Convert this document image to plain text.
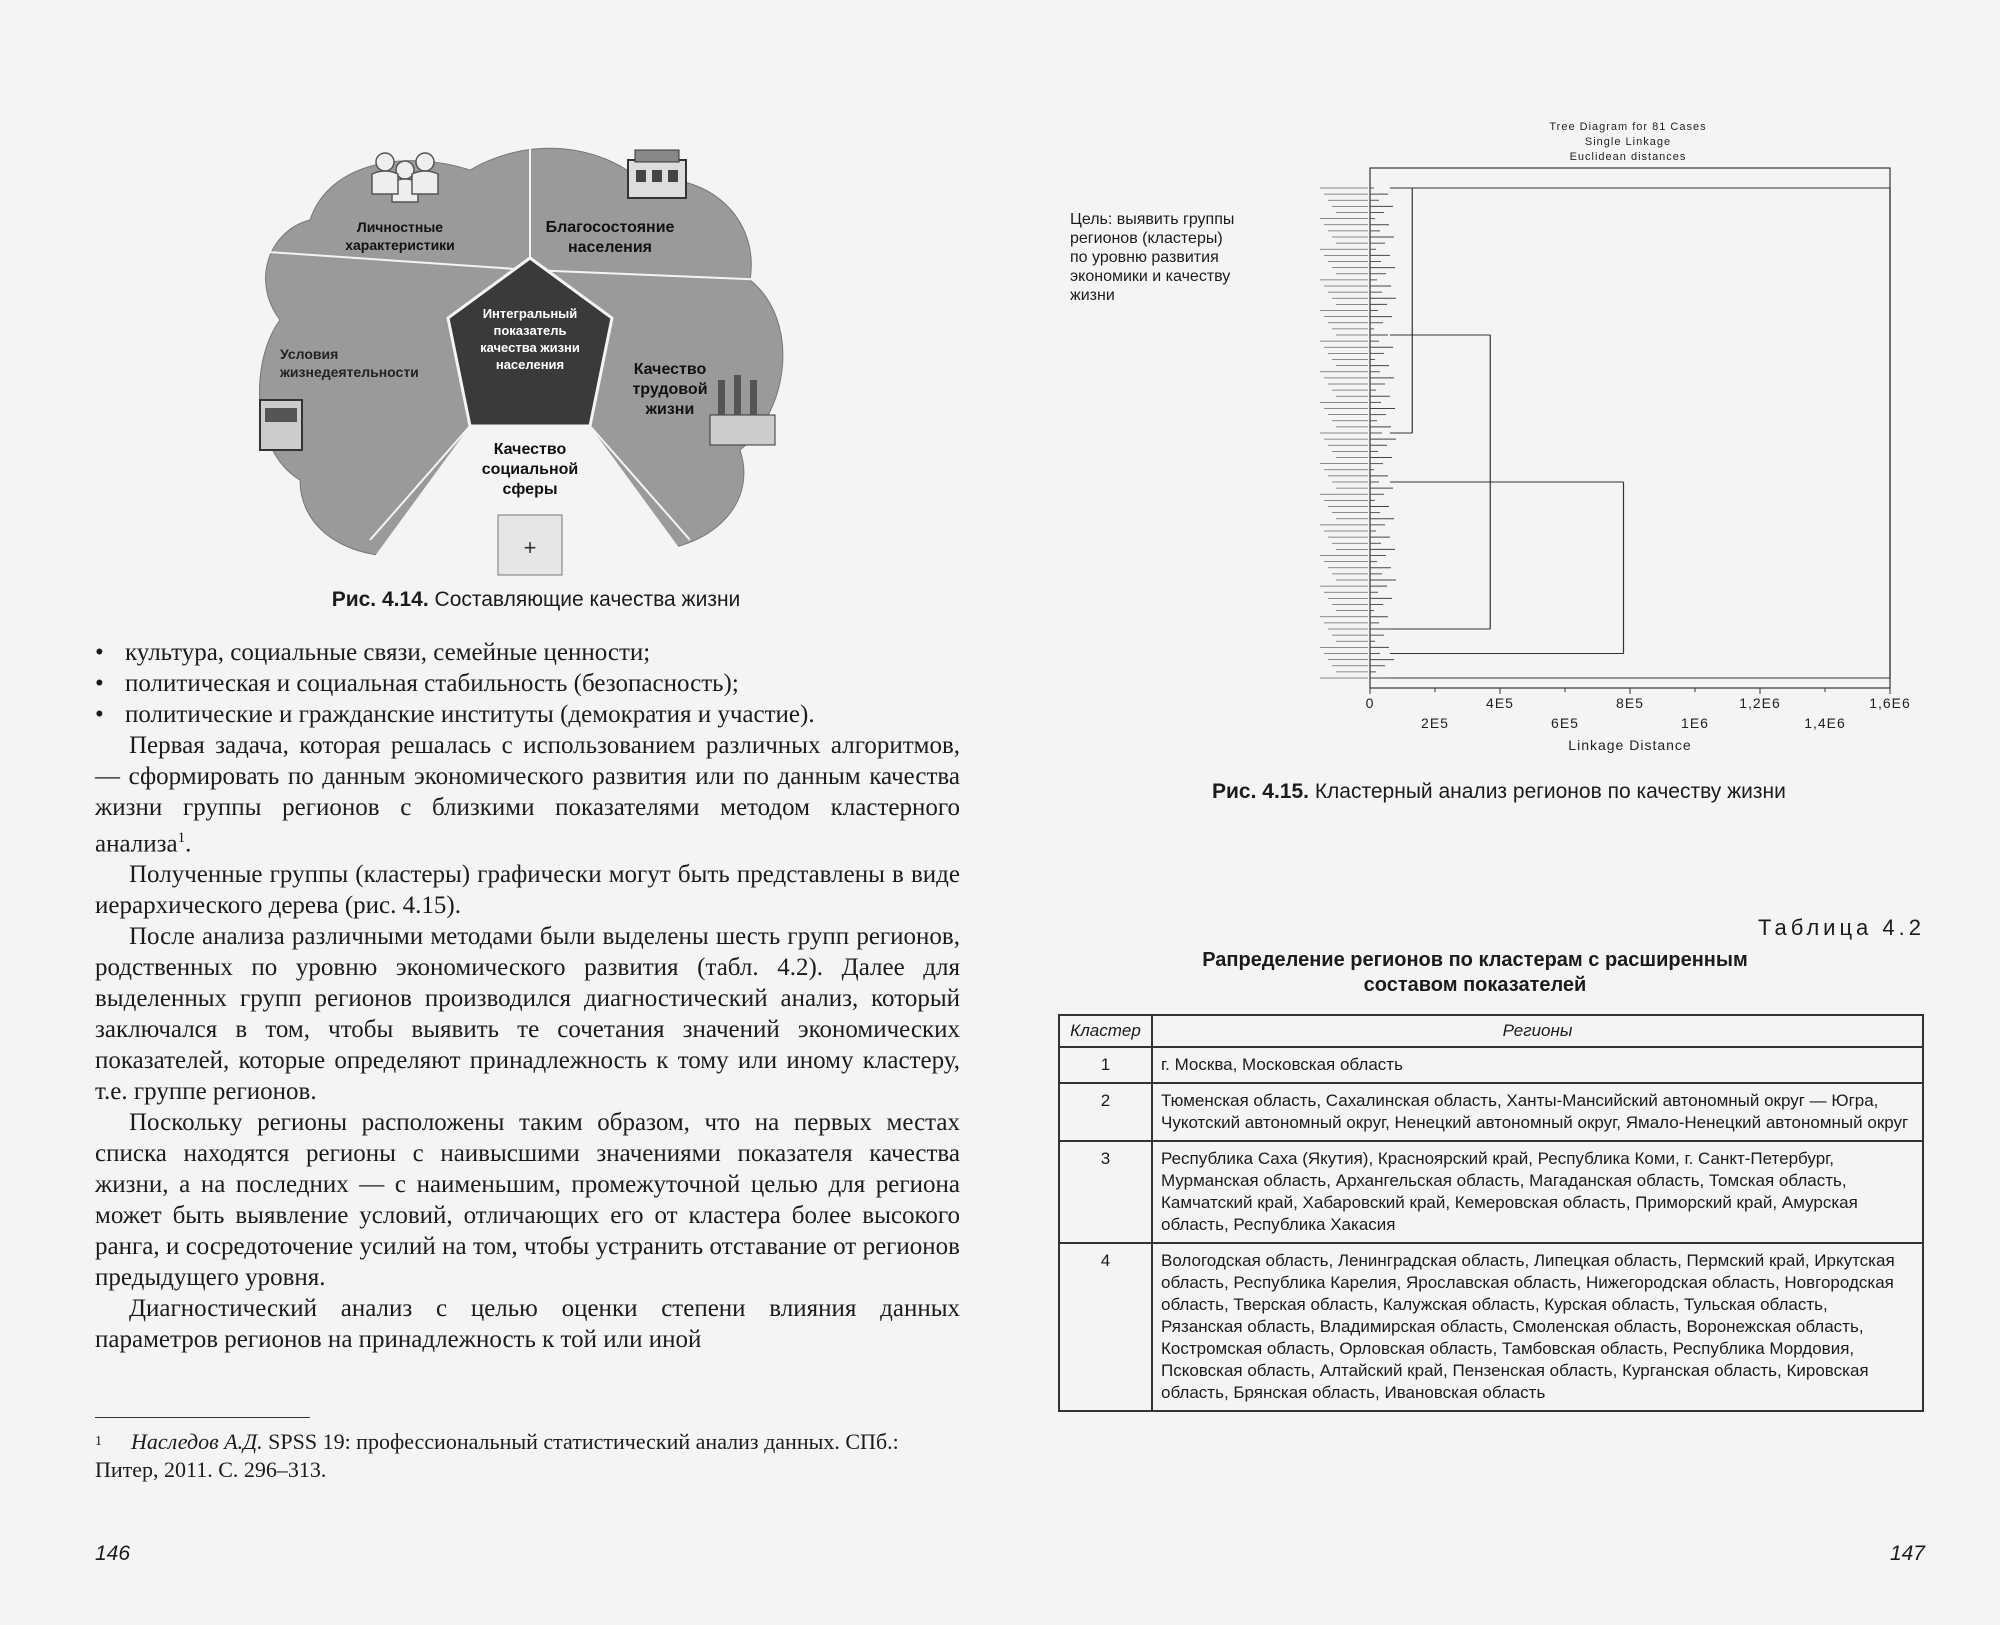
+
Личностные характеристики
Благосостояние населения
Условия жизнедеятельности	Качество трудовой жизни
Качество социальной сферы
Интегральный показатель качества жизни населения
Рис. 4.14. Составляющие качества жизни
• культура, социальные связи, семейные ценности;
• политическая и социальная стабильность (безопасность);
• политические и гражданские институты (демократия и участие).

Первая задача, которая решалась с использованием различных алгоритмов, — сформировать по данным экономического развития или по данным качества жизни группы регионов с близкими показателями методом кластерного анализа$^1$.

Полученные группы (кластеры) графически могут быть представлены в виде иерархического дерева (рис. 4.15).

После анализа различными методами были выделены шесть групп регионов, родственных по уровню экономического развития (табл. 4.2). Далее для выделенных групп регионов производился диагностический анализ, который заключался в том, чтобы выявить те сочетания значений экономических показателей, которые определяют принадлежность к тому или иному кластеру, т.е. группе регионов.

Поскольку регионы расположены таким образом, что на первых местах списка находятся регионы с наивысшими значениями показателя качества жизни, а на последних — с наименьшим, промежуточной целью для региона может быть выявление условий, отличающих его от кластера более высокого ранга, и сосредоточение усилий на том, чтобы устранить отставание от регионов предыдущего уровня.

Диагностический анализ с целью оценки степени влияния данных параметров регионов на принадлежность к той или иной

1 Наследов А.Д. SPSS 19: профессиональный статистический анализ данных. СПб.: Питер, 2011. С. 296–313.
146
Цель: выявить группы регионов (кластеры) по уровню развития экономики и качеству жизни
Tree Diagram for 81 Cases
Single Linkage
Euclidean distances
0	4E5	8E5	1,2E6	1,6E6
2E5	6E5	1E6	1,4E6
Linkage Distance
Рис. 4.15. Кластерный анализ регионов по качеству жизни
Таблица 4.2
Рапределение регионов по кластерам с расширенным
составом показателей
Кластер	Регионы
1	г. Москва, Московская область
2	Тюменская область, Сахалинская область, Ханты-Мансийский автономный округ — Югра, Чукотский автономный округ, Ненецкий автономный округ, Ямало-Ненецкий автономный округ
3	Республика Саха (Якутия), Красноярский край, Республика Коми, г. Санкт-Петербург, Мурманская область, Архангельская область, Магаданская область, Томская область, Камчатский край, Хабаровский край, Кемеровская область, Приморский край, Амурская область, Республика Хакасия
4	Вологодская область, Ленинградская область, Липецкая область, Пермский край, Иркутская область, Республика Карелия, Ярославская область, Нижегородская область, Новгородская область, Тверская область, Калужская область, Курская область, Тульская область, Рязанская область, Владимирская область, Смоленская область, Воронежская область, Костромская область, Орловская область, Тамбовская область, Республика Мордовия, Псковская область, Алтайский край, Пензенская область, Курганская область, Кировская область, Брянская область, Ивановская область
147
